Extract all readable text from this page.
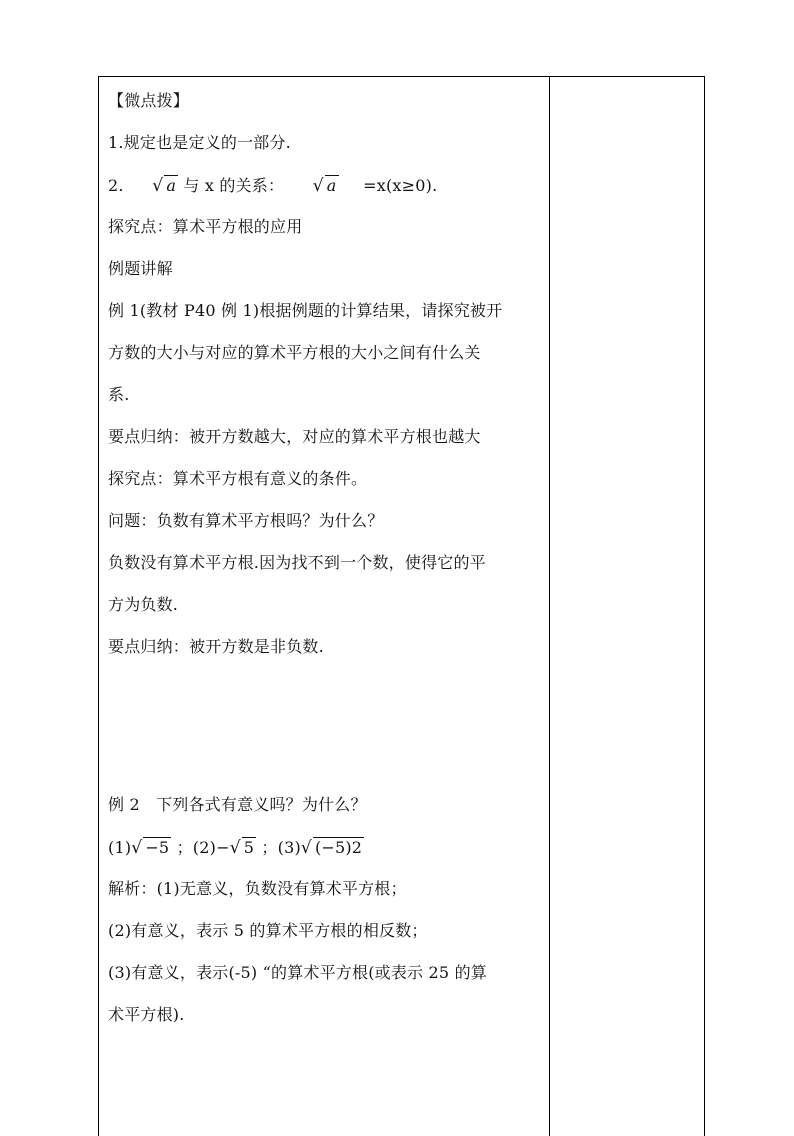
【微点拨】
1.规定也是定义的一部分.
2. √ a 与 x 的关系： √ a =x(x≥0).
探究点：算术平方根的应用
例题讲解
例 1(教材 P40 例 1)根据例题的计算结果，请探究被开
方数的大小与对应的算术平方根的大小之间有什么关
系.
要点归纳：被开方数越大，对应的算术平方根也越大
探究点：算术平方根有意义的条件。
问题：负数有算术平方根吗？为什么？
负数没有算术平方根.因为找不到一个数，使得它的平
方为负数.
要点归纳：被开方数是非负数.
例 2　下列各式有意义吗？为什么？
(1)√ −5 ；(2)−√ 5 ；(3)√ (−5)2
解析：(1)无意义，负数没有算术平方根；
(2)有意义，表示 5 的算术平方根的相反数；
(3)有意义，表示(-5) “的算术平方根(或表示 25 的算
术平方根).
